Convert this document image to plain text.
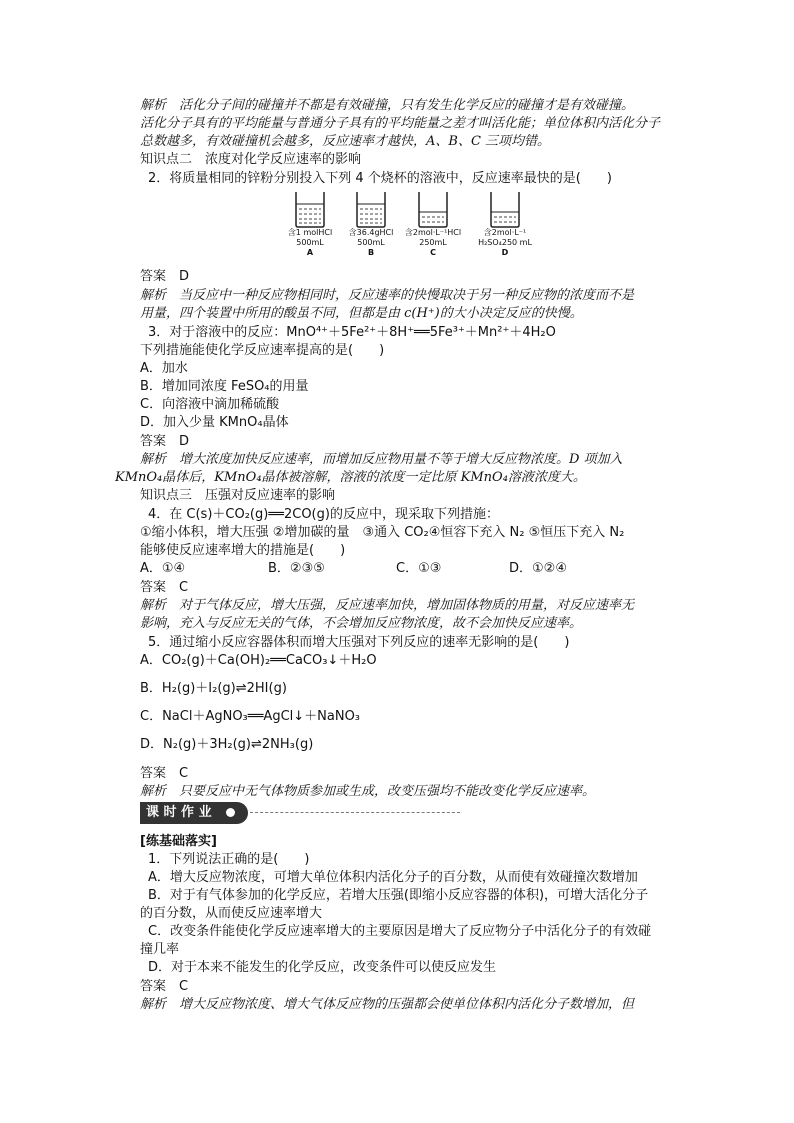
解析　活化分子间的碰撞并不都是有效碰撞，只有发生化学反应的碰撞才是有效碰撞。
活化分子具有的平均能量与普通分子具有的平均能量之差才叫活化能；单位体积内活化分子
总数越多，有效碰撞机会越多，反应速率才越快，A、B、C 三项均错。
知识点二　浓度对化学反应速率的影响
2．将质量相同的锌粉分别投入下列 4 个烧杯的溶液中，反应速率最快的是(　　)
含1 molHCl
500mL
A
含36.4gHCl
500mL
B
含2mol·L⁻¹HCl
250mL
C
含2mol·L⁻¹
H₂SO₄250 mL
D
答案　D
解析　当反应中一种反应物相同时，反应速率的快慢取决于另一种反应物的浓度而不是
用量，四个装置中所用的酸虽不同，但都是由 c(H⁺)的大小决定反应的快慢。
3．对于溶液中的反应：MnO⁴⁺＋5Fe²⁺＋8H⁺══5Fe³⁺＋Mn²⁺＋4H₂O
下列措施能使化学反应速率提高的是(　　)
A．加水
B．增加同浓度 FeSO₄的用量
C．向溶液中滴加稀硫酸
D．加入少量 KMnO₄晶体
答案　D
解析　增大浓度加快反应速率，而增加反应物用量不等于增大反应物浓度。D 项加入
KMnO₄晶体后，KMnO₄晶体被溶解，溶液的浓度一定比原 KMnO₄溶液浓度大。
知识点三　压强对反应速率的影响
4．在 C(s)＋CO₂(g)══2CO(g)的反应中，现采取下列措施：
①缩小体积，增大压强 ②增加碳的量　③通入 CO₂④恒容下充入 N₂ ⑤恒压下充入 N₂
能够使反应速率增大的措施是(　　)
A．①④	B．②③⑤	C．①③	D．①②④
答案　C
解析　对于气体反应，增大压强，反应速率加快，增加固体物质的用量，对反应速率无
影响，充入与反应无关的气体，不会增加反应物浓度，故不会加快反应速率。
5．通过缩小反应容器体积而增大压强对下列反应的速率无影响的是(　　)
A．CO₂(g)＋Ca(OH)₂══CaCO₃↓＋H₂O
B．H₂(g)＋I₂(g)⇌2HI(g)
C．NaCl＋AgNO₃══AgCl↓＋NaNO₃
D．N₂(g)＋3H₂(g)⇌2NH₃(g)
答案　C
解析　只要反应中无气体物质参加或生成，改变压强均不能改变化学反应速率。
课 时 作 业
[练基础落实]
1．下列说法正确的是(　　)
A．增大反应物浓度，可增大单位体积内活化分子的百分数，从而使有效碰撞次数增加
B．对于有气体参加的化学反应，若增大压强(即缩小反应容器的体积)，可增大活化分子
的百分数，从而使反应速率增大
C．改变条件能使化学反应速率增大的主要原因是增大了反应物分子中活化分子的有效碰
撞几率
D．对于本来不能发生的化学反应，改变条件可以使反应发生
答案　C
解析　增大反应物浓度、增大气体反应物的压强都会使单位体积内活化分子数增加，但
